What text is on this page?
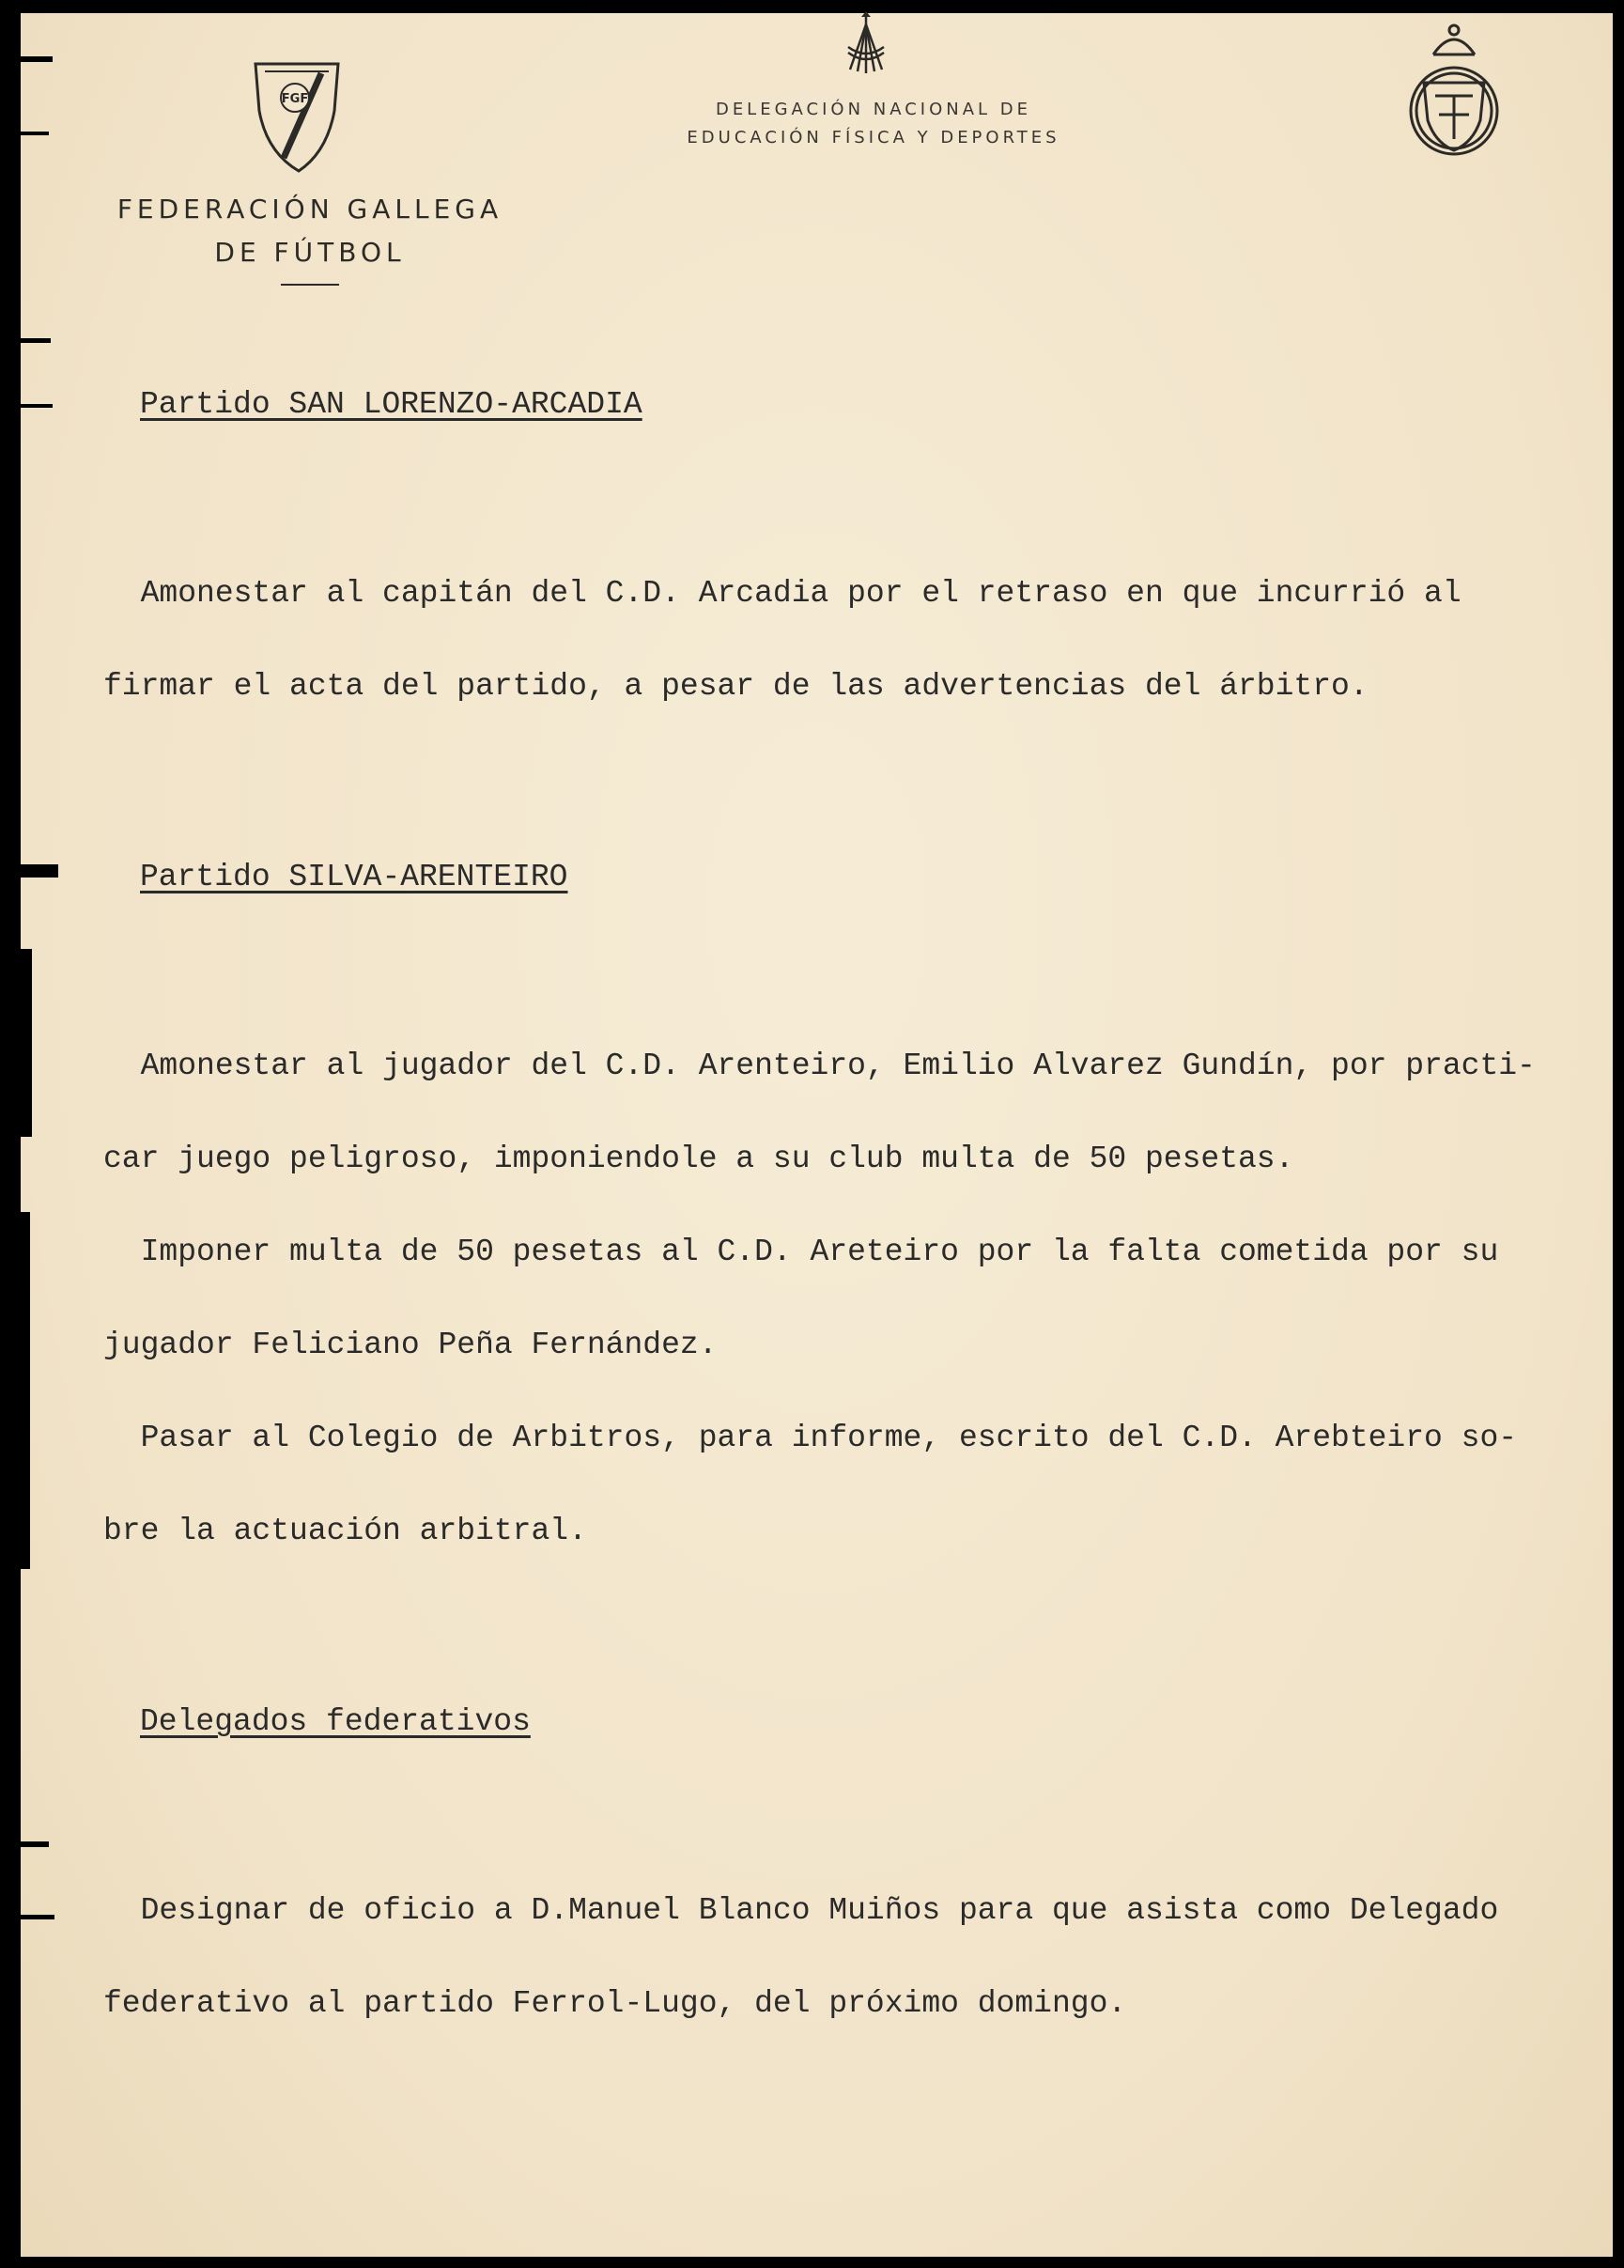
FGF
DELEGACIÓN NACIONAL DE
EDUCACIÓN FÍSICA Y DEPORTES
FEDERACIÓN GALLEGA
DE FÚTBOL

Partido SAN LORENZO-ARCADIA

Amonestar al capitán del C.D. Arcadia por el retraso en que incurrió al

firmar el acta del partido, a pesar de las advertencias del árbitro.

Partido SILVA-ARENTEIRO

Amonestar al jugador del C.D. Arenteiro, Emilio Alvarez Gundín, por practi-

car juego peligroso, imponiendole a su club multa de 50 pesetas.

Imponer multa de 50 pesetas al C.D. Areteiro por la falta cometida por su

jugador Feliciano Peña Fernández.

Pasar al Colegio de Arbitros, para informe, escrito del C.D. Arebteiro so-

bre la actuación arbitral.

Delegados federativos

Designar de oficio a D.Manuel Blanco Muiños para que asista como Delegado

federativo al partido Ferrol-Lugo, del próximo domingo.
